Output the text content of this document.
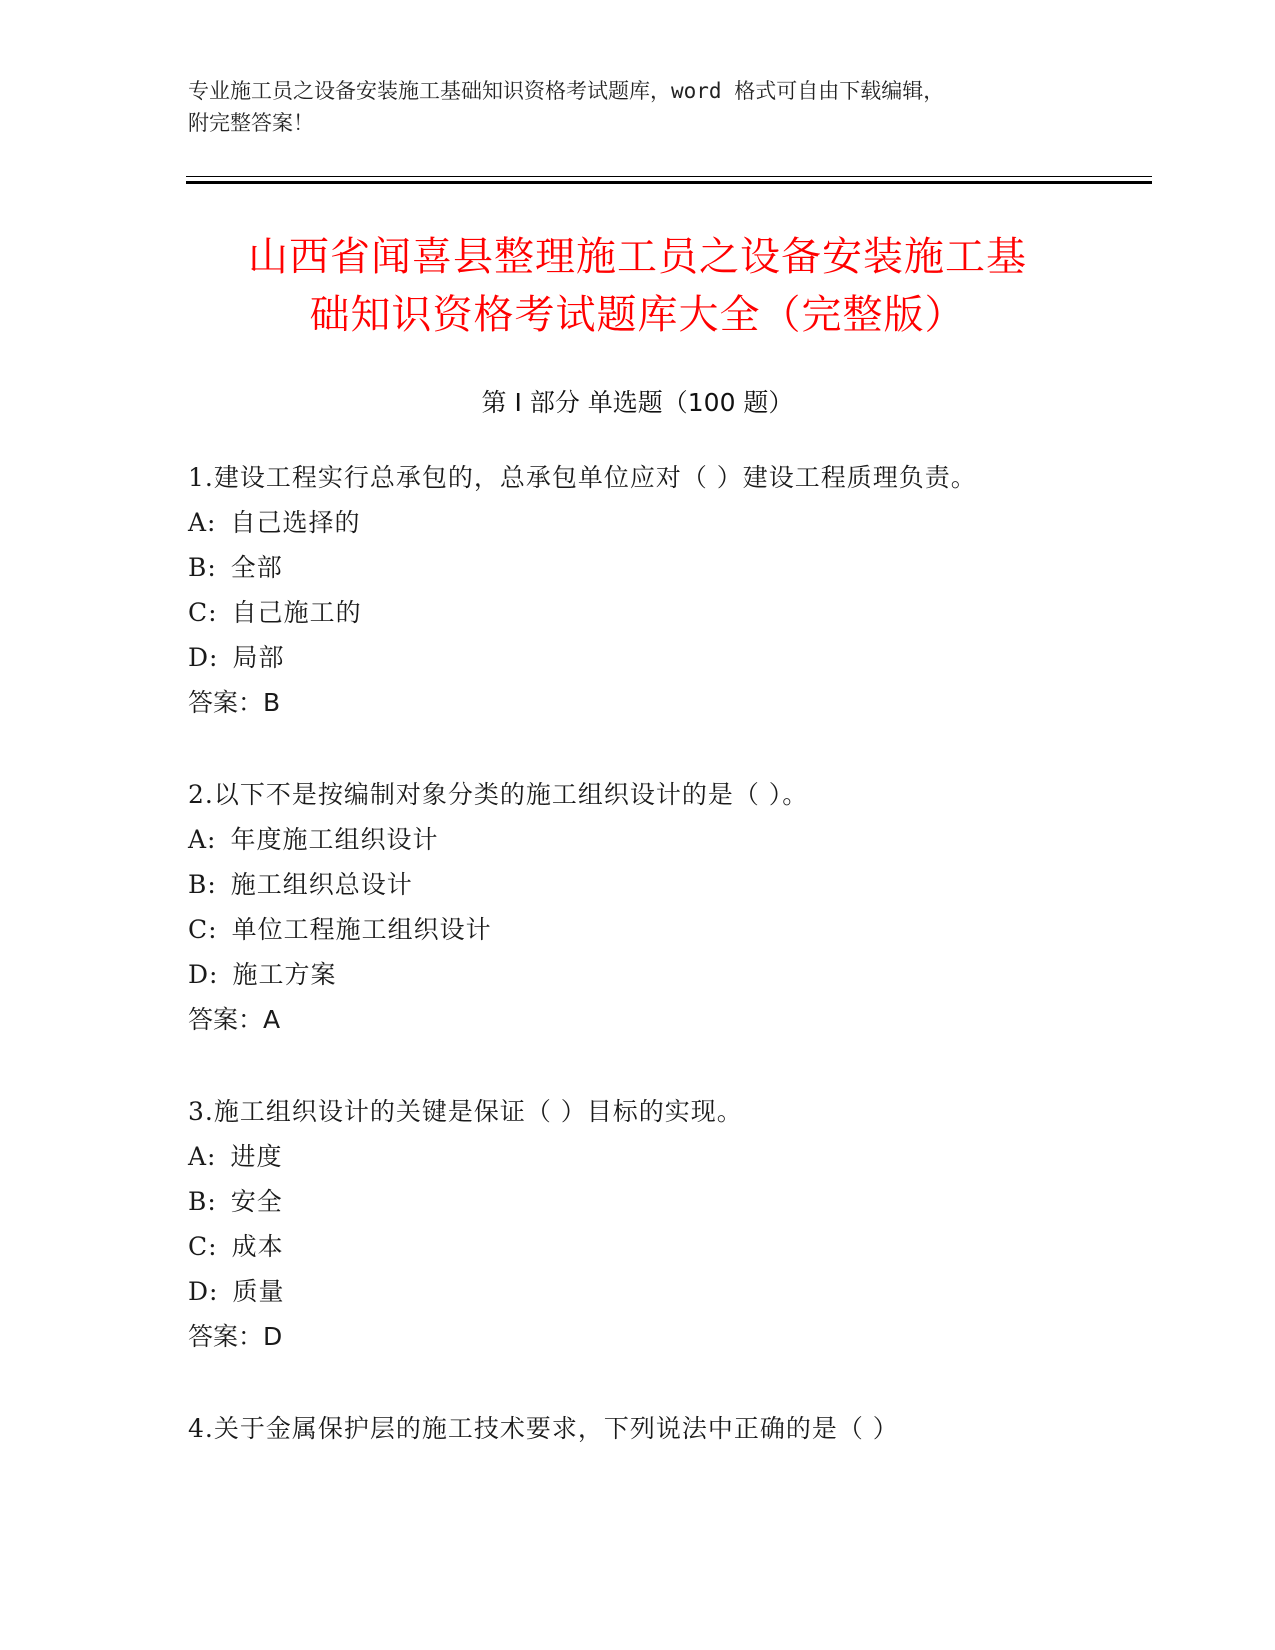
专业施工员之设备安装施工基础知识资格考试题库，word 格式可自由下载编辑，
附完整答案！
山西省闻喜县整理施工员之设备安装施工基
础知识资格考试题库大全（完整版）
第 I 部分 单选题（100 题）
1.建设工程实行总承包的，总承包单位应对（ ）建设工程质理负责。
A: 自己选择的
B: 全部
C: 自己施工的
D: 局部
答案：B
2.以下不是按编制对象分类的施工组织设计的是（ ）。
A: 年度施工组织设计
B: 施工组织总设计
C: 单位工程施工组织设计
D: 施工方案
答案：A
3.施工组织设计的关键是保证（ ）目标的实现。
A: 进度
B: 安全
C: 成本
D: 质量
答案：D
4.关于金属保护层的施工技术要求，下列说法中正确的是（ ）
